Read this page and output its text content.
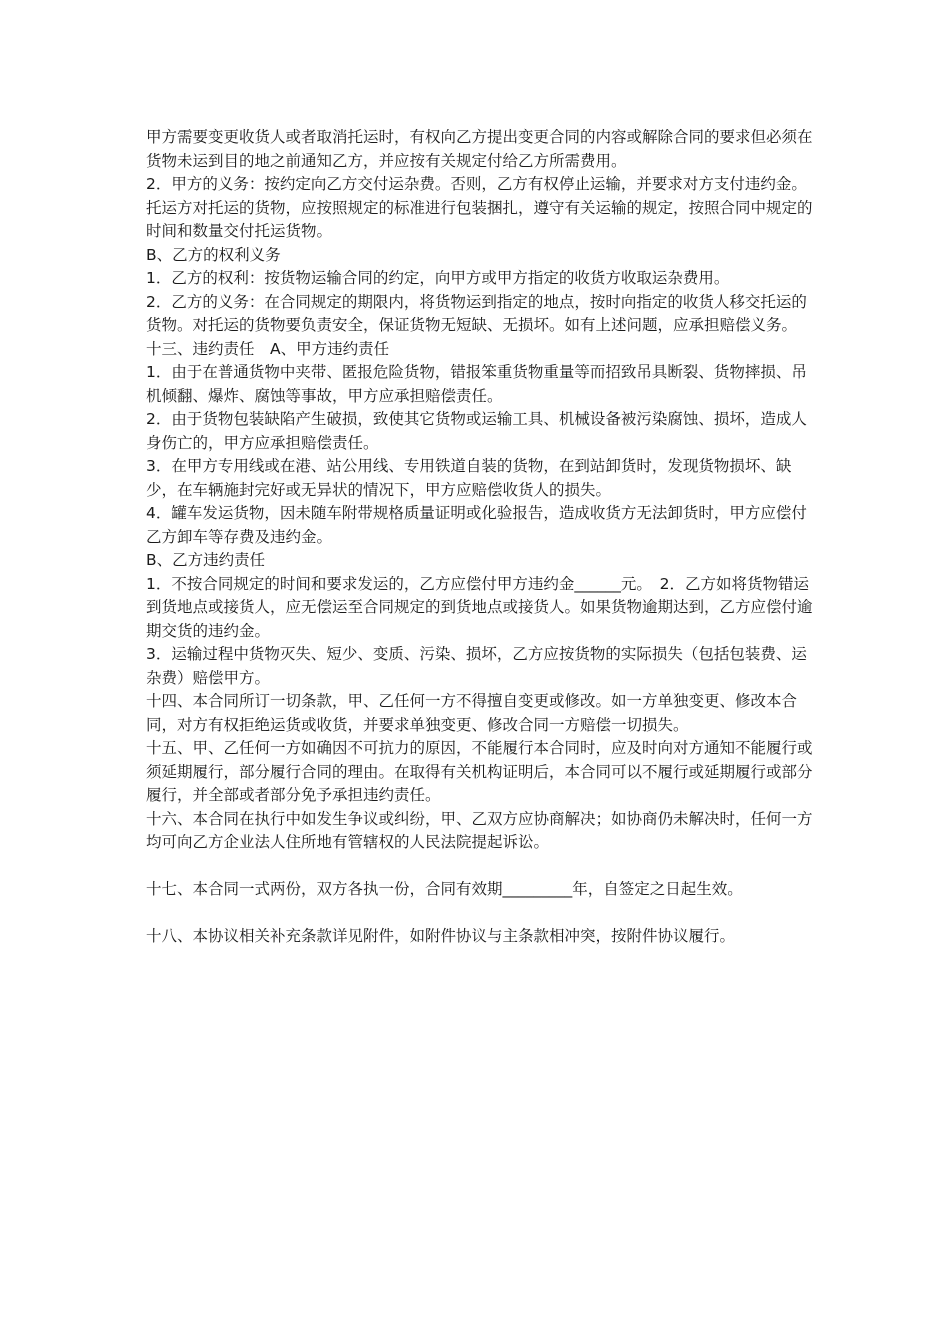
甲方需要变更收货人或者取消托运时，有权向乙方提出变更合同的内容或解除合同的要求但必须在货物未运到目的地之前通知乙方，并应按有关规定付给乙方所需费用。

2．甲方的义务：按约定向乙方交付运杂费。否则，乙方有权停止运输，并要求对方支付违约金。托运方对托运的货物，应按照规定的标准进行包装捆扎，遵守有关运输的规定，按照合同中规定的时间和数量交付托运货物。

B、乙方的权利义务

1．乙方的权利：按货物运输合同的约定，向甲方或甲方指定的收货方收取运杂费用。

2．乙方的义务：在合同规定的期限内，将货物运到指定的地点，按时向指定的收货人移交托运的货物。对托运的货物要负责安全，保证货物无短缺、无损坏。如有上述问题，应承担赔偿义务。

十三、违约责任　A、甲方违约责任

1．由于在普通货物中夹带、匿报危险货物，错报笨重货物重量等而招致吊具断裂、货物摔损、吊机倾翻、爆炸、腐蚀等事故，甲方应承担赔偿责任。

2．由于货物包装缺陷产生破损，致使其它货物或运输工具、机械设备被污染腐蚀、损坏，造成人身伤亡的，甲方应承担赔偿责任。

3．在甲方专用线或在港、站公用线、专用铁道自装的货物，在到站卸货时，发现货物损坏、缺少，在车辆施封完好或无异状的情况下，甲方应赔偿收货人的损失。

4．罐车发运货物，因未随车附带规格质量证明或化验报告，造成收货方无法卸货时，甲方应偿付乙方卸车等存费及违约金。

B、乙方违约责任

1．不按合同规定的时间和要求发运的，乙方应偿付甲方违约金______元。　2．乙方如将货物错运到货地点或接货人，应无偿运至合同规定的到货地点或接货人。如果货物逾期达到，乙方应偿付逾期交货的违约金。

3．运输过程中货物灭失、短少、变质、污染、损坏，乙方应按货物的实际损失（包括包装费、运杂费）赔偿甲方。

十四、本合同所订一切条款，甲、乙任何一方不得擅自变更或修改。如一方单独变更、修改本合同，对方有权拒绝运货或收货，并要求单独变更、修改合同一方赔偿一切损失。

十五、甲、乙任何一方如确因不可抗力的原因，不能履行本合同时，应及时向对方通知不能履行或须延期履行，部分履行合同的理由。在取得有关机构证明后，本合同可以不履行或延期履行或部分履行，并全部或者部分免予承担违约责任。

十六、本合同在执行中如发生争议或纠纷，甲、乙双方应协商解决；如协商仍未解决时，任何一方均可向乙方企业法人住所地有管辖权的人民法院提起诉讼。

十七、本合同一式两份，双方各执一份，合同有效期_________年，自签定之日起生效。

十八、本协议相关补充条款详见附件，如附件协议与主条款相冲突，按附件协议履行。
